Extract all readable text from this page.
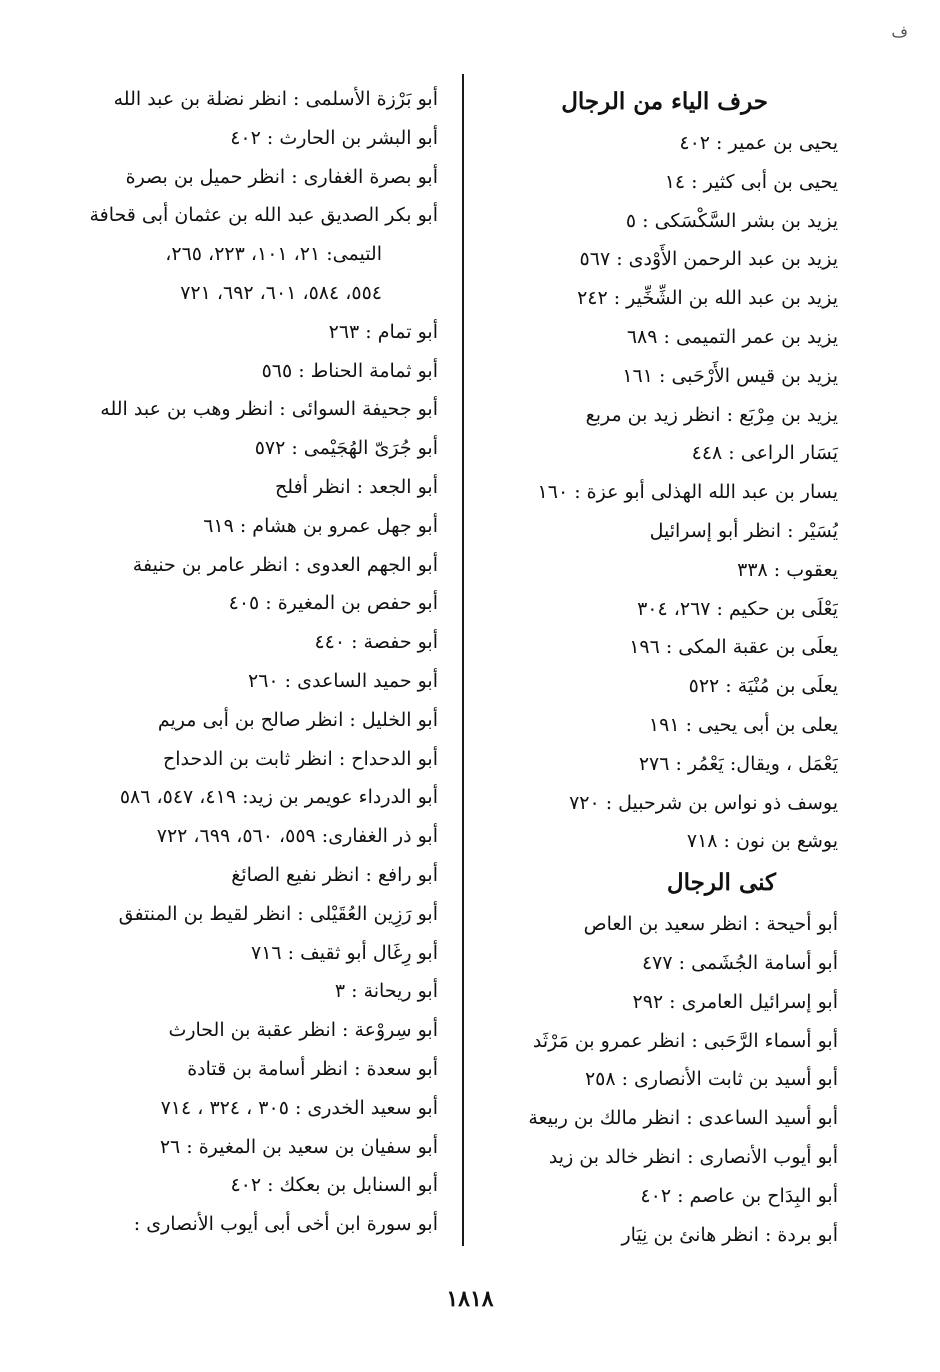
ف
حرف الياء من الرجال
يحيى بن عمير : ٤٠٢
يحيى بن أبى كثير : ١٤
يزيد بن بشر السَّكْسَكى : ٥
يزيد بن عبد الرحمن الأَوْدى : ٥٦٧
يزيد بن عبد الله بن الشِّخِّير : ٢٤٢
يزيد بن عمر التميمى : ٦٨٩
يزيد بن قيس الأَرْحَبى : ١٦١
يزيد بن مِرْبَع : انظر زيد بن مربع
يَسَار الراعى : ٤٤٨
يسار بن عبد الله الهذلى أبو عزة : ١٦٠
يُسَيْر : انظر أبو إسرائيل
يعقوب : ٣٣٨
يَعْلَى بن حكيم : ٢٦٧، ٣٠٤
يعلَى بن عقبة المكى : ١٩٦
يعلَى بن مُنْيَة : ٥٢٢
يعلى بن أبى يحيى : ١٩١
يَعْمَل ، ويقال: يَعْمُر : ٢٧٦
يوسف ذو نواس بن شرحبيل : ٧٢٠
يوشع بن نون : ٧١٨
كنى الرجال
أبو أحيحة : انظر سعيد بن العاص
أبو أسامة الجُشَمى : ٤٧٧
أبو إسرائيل العامرى : ٢٩٢
أبو أسماء الرَّحَبى : انظر عمرو بن مَرْثَد
أبو أسيد بن ثابت الأنصارى : ٢٥٨
أبو أسيد الساعدى : انظر مالك بن ربيعة
أبو أيوب الأنصارى : انظر خالد بن زيد
أبو البِدَاح بن عاصم : ٤٠٢
أبو بردة : انظر هانئ بن نِيَار
أبو بَرْزة الأسلمى : انظر نضلة بن عبد الله
أبو البشر بن الحارث : ٤٠٢
أبو بصرة الغفارى : انظر حميل بن بصرة
أبو بكر الصديق عبد الله بن عثمان أبى قحافة
التيمى: ٢١، ١٠١، ٢٢٣، ٢٦٥،
٥٥٤، ٥٨٤، ٦٠١، ٦٩٢، ٧٢١
أبو تمام : ٢٦٣
أبو ثمامة الحناط : ٥٦٥
أبو جحيفة السوائى : انظر وهب بن عبد الله
أبو جُرَىّ الهُجَيْمى : ٥٧٢
أبو الجعد : انظر أفلح
أبو جهل عمرو بن هشام : ٦١٩
أبو الجهم العدوى : انظر عامر بن حنيفة
أبو حفص بن المغيرة : ٤٠٥
أبو حفصة : ٤٤٠
أبو حميد الساعدى : ٢٦٠
أبو الخليل : انظر صالح بن أبى مريم
أبو الدحداح : انظر ثابت بن الدحداح
أبو الدرداء عويمر بن زيد: ٤١٩، ٥٤٧، ٥٨٦
أبو ذر الغفارى: ٥٥٩، ٥٦٠، ٦٩٩، ٧٢٢
أبو رافع : انظر نفيع الصائغ
أبو رَزِين العُقَيْلى : انظر لقيط بن المنتفق
أبو رِغَال أبو ثقيف : ٧١٦
أبو ريحانة : ٣
أبو سِروْعة : انظر عقبة بن الحارث
أبو سعدة : انظر أسامة بن قتادة
أبو سعيد الخدرى : ٣٠٥ ، ٣٢٤ ، ٧١٤
أبو سفيان بن سعيد بن المغيرة : ٢٦
أبو السنابل بن بعكك : ٤٠٢
أبو سورة ابن أخى أبى أيوب الأنصارى :
١٨١٨
